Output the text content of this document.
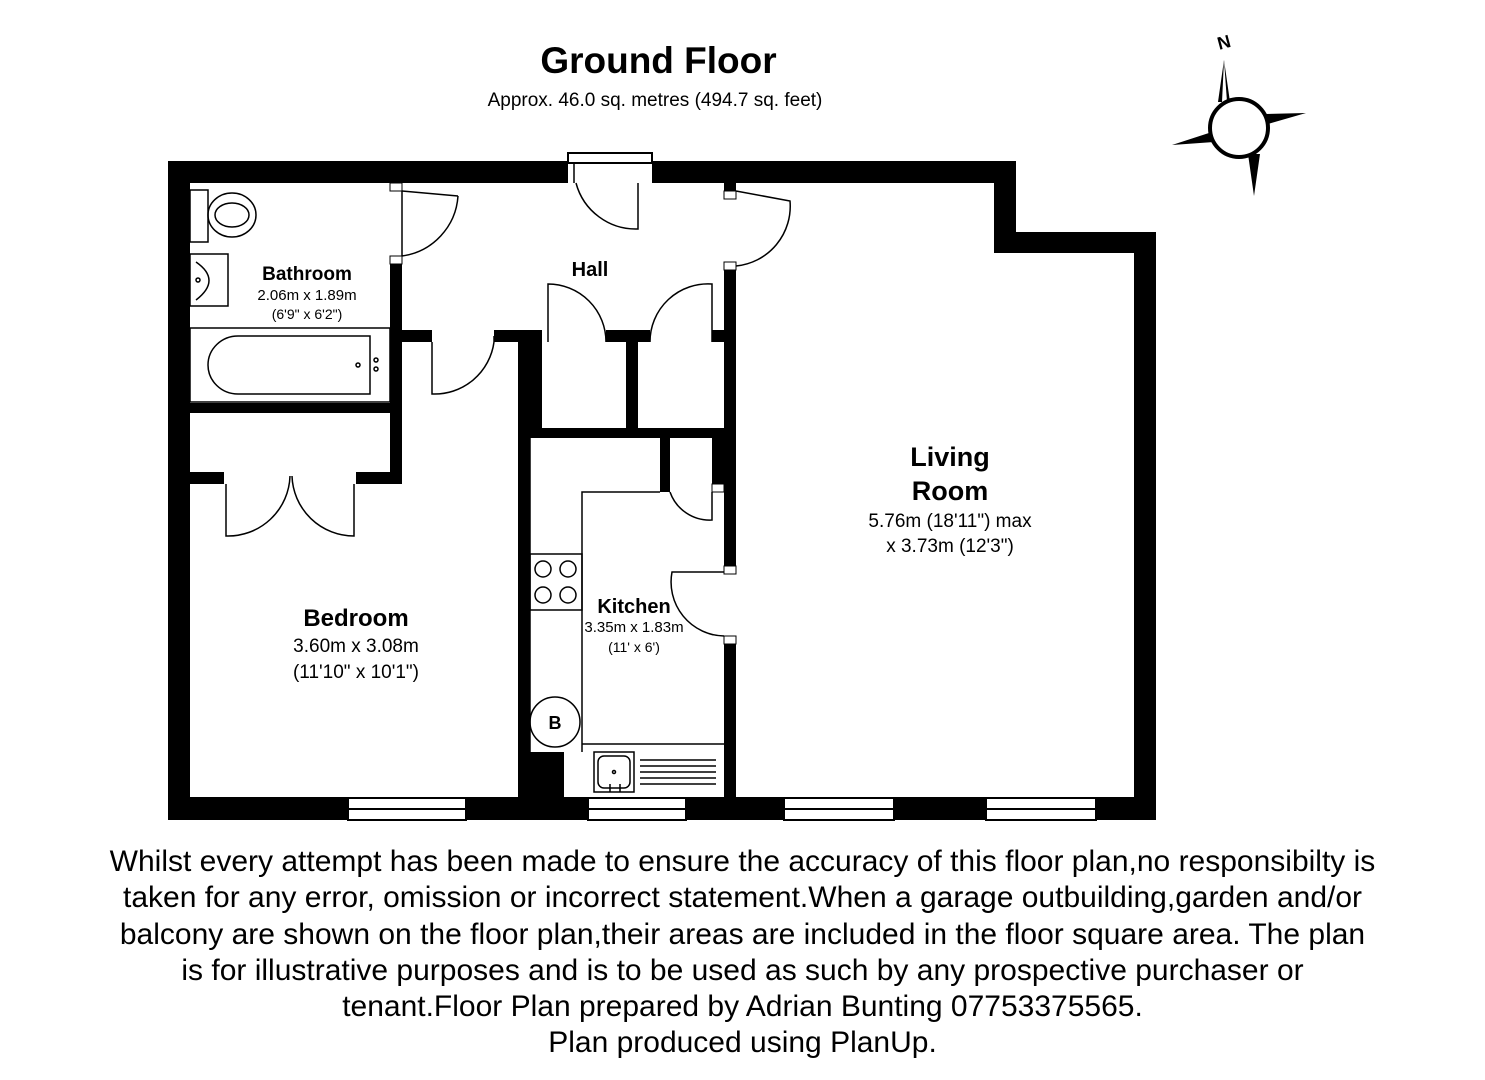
Ground Floor
Approx. 46.0 sq. metres (494.7 sq. feet)
N
B
Bathroom
2.06m x 1.89m
(6'9" x 6'2")
Hall
Living
Room
5.76m (18'11") max
x 3.73m (12'3")
Bedroom
3.60m x 3.08m
(11'10" x 10'1")
Kitchen
3.35m x 1.83m
(11' x 6')
Whilst every attempt has been made to ensure the accuracy of this floor plan,no responsibilty is
taken for any error, omission or incorrect statement.When a garage outbuilding,garden and/or
balcony are shown on the floor plan,their areas are included in the floor square area. The plan
is for illustrative purposes and is to be used as such by any prospective purchaser or
tenant.Floor Plan prepared by Adrian Bunting 07753375565.
Plan produced using PlanUp.
